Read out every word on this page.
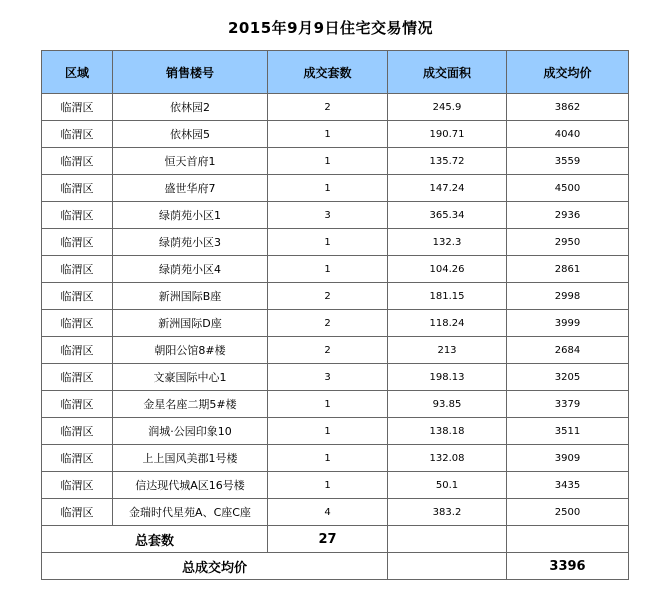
2015年9月9日住宅交易情况
区域	销售楼号	成交套数	成交面积	成交均价
临渭区	依林园2	2	245.9	3862
临渭区	依林园5	1	190.71	4040
临渭区	恒天首府1	1	135.72	3559
临渭区	盛世华府7	1	147.24	4500
临渭区	绿荫苑小区1	3	365.34	2936
临渭区	绿荫苑小区3	1	132.3	2950
临渭区	绿荫苑小区4	1	104.26	2861
临渭区	新洲国际B座	2	181.15	2998
临渭区	新洲国际D座	2	118.24	3999
临渭区	朝阳公馆8#楼	2	213	2684
临渭区	文豪国际中心1	3	198.13	3205
临渭区	金星名座二期5#楼	1	93.85	3379
临渭区	润城·公园印象10	1	138.18	3511
临渭区	上上国风美郡1号楼	1	132.08	3909
临渭区	信达现代城A区16号楼	1	50.1	3435
临渭区	金瑞时代星苑A、C座C座	4	383.2	2500
总套数		27		
总成交均价				3396
